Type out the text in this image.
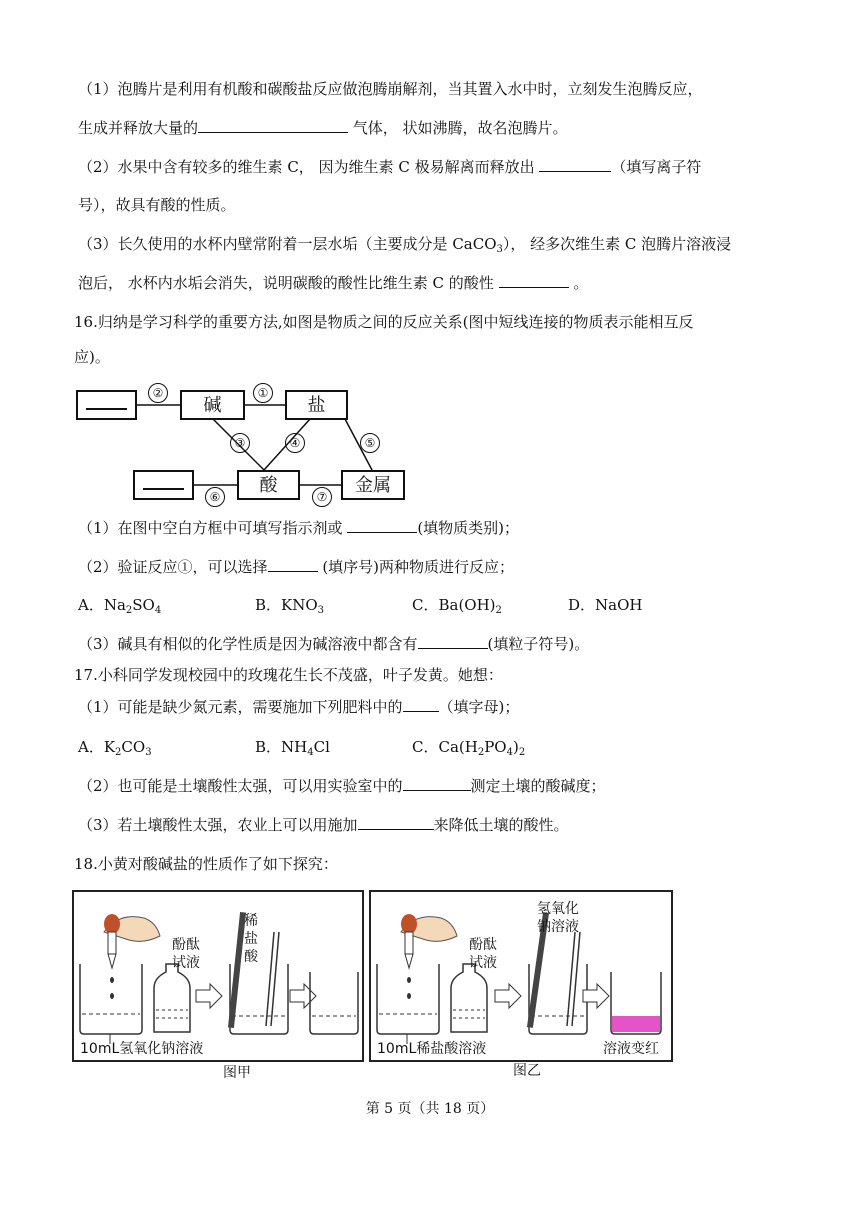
（1）泡腾片是利用有机酸和碳酸盐反应做泡腾崩解剂，当其置入水中时，立刻发生泡腾反应，
生成并释放大量的	气体， 状如沸腾，故名泡腾片。
（2）水果中含有较多的维生素 C， 因为维生素 C 极易解离而释放出	（填写离子符
号），故具有酸的性质。
（3）长久使用的水杯内壁常附着一层水垢（主要成分是 CaCO$_3$）， 经多次维生素 C 泡腾片溶液浸
泡后， 水杯内水垢会消失，说明碳酸的酸性比维生素 C 的酸性	。
16.归纳是学习科学的重要方法,如图是物质之间的反应关系(图中短线连接的物质表示能相互反
应)。
碱	盐
酸	金属
②	①
③	④	⑤
⑥	⑦
（1）在图中空白方框中可填写指示剂或	(填物质类别)；
（2）验证反应①，可以选择	(填序号)两种物质进行反应；
A．$Na_2SO_4$	B．$KNO_3$	C．$Ba(OH)_2$	D．NaOH
（3）碱具有相似的化学性质是因为碱溶液中都含有	(填粒子符号)。
17.小科同学发现校园中的玫瑰花生长不茂盛，叶子发黄。她想：
（1）可能是缺少氮元素，需要施加下列肥料中的 （填字母)；
A．$K_2CO_3$	B．$NH_4Cl$	C．$Ca(H_2PO_4)_2$
（2）也可能是土壤酸性太强，可以用实验室中的	测定土壤的酸碱度；
（3）若土壤酸性太强，农业上可以用施加	来降低土壤的酸性。
18.小黄对酸碱盐的性质作了如下探究：
酚酞
试液
稀
盐
酸
10mL氢氧化钠溶液
图甲
酚酞
试液
氢氧化
钠溶液
10mL稀盐酸溶液	溶液变红
图乙
第 5 页（共 18 页）
